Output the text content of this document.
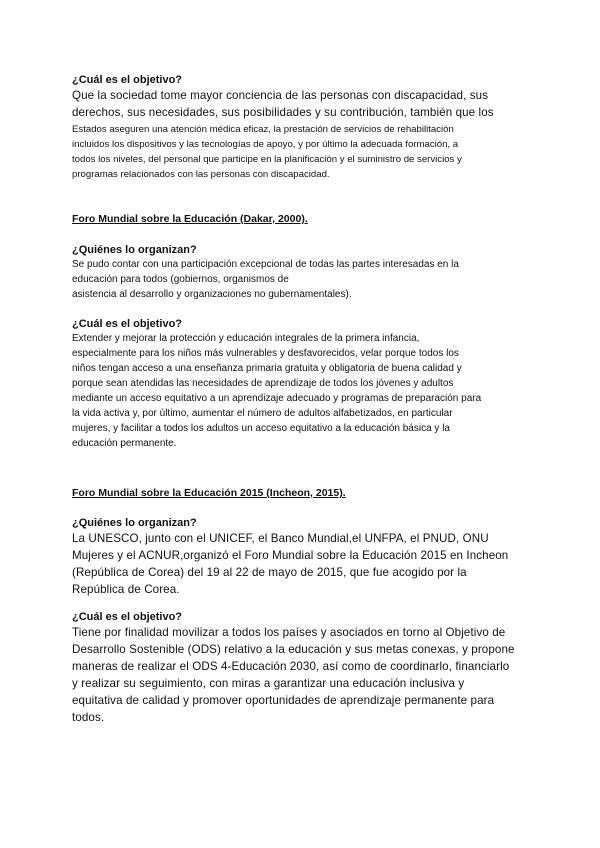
¿Cuál es el objetivo?

Que la sociedad tome mayor conciencia de las personas con discapacidad, sus
derechos, sus necesidades, sus posibilidades y su contribución, también que los

Estados aseguren una atención médica eficaz, la prestación de servicios de rehabilitación
incluidos los dispositivos y las tecnologías de apoyo, y por último la adecuada formación, a
todos los niveles, del personal que participe en la planificación y el suministro de servicios y
programas relacionados con las personas con discapacidad.

Foro Mundial sobre la Educación (Dakar, 2000).

¿Quiénes lo organizan?

Se pudo contar con una participación excepcional de todas las partes interesadas en la
educación para todos (gobiernos, organismos de
asistencia al desarrollo y organizaciones no gubernamentales).

¿Cuál es el objetivo?

Extender y mejorar la protección y educación integrales de la primera infancia,
especialmente para los niños más vulnerables y desfavorecidos, velar porque todos los
niños tengan acceso a una enseñanza primaria gratuita y obligatoria de buena calidad y
porque sean atendidas las necesidades de aprendizaje de todos los jóvenes y adultos
mediante un acceso equitativo a un aprendizaje adecuado y programas de preparación para
la vida activa y, por último, aumentar el número de adultos alfabetizados, en particular
mujeres, y facilitar a todos los adultos un acceso equitativo a la educación básica y la
educación permanente.

Foro Mundial sobre la Educación 2015 (Incheon, 2015).

¿Quiénes lo organizan?

La UNESCO, junto con el UNICEF, el Banco Mundial,el UNFPA, el PNUD, ONU
Mujeres y el ACNUR,organizó el Foro Mundial sobre la Educación 2015 en Incheon
(República de Corea) del 19 al 22 de mayo de 2015, que fue acogido por la
República de Corea.

¿Cuál es el objetivo?

Tiene por finalidad movilizar a todos los países y asociados en torno al Objetivo de
Desarrollo Sostenible (ODS) relativo a la educación y sus metas conexas, y propone
maneras de realizar el ODS 4-Educación 2030, así como de coordinarlo, financiarlo
y realizar su seguimiento, con miras a garantizar una educación inclusiva y
equitativa de calidad y promover oportunidades de aprendizaje permanente para
todos.
